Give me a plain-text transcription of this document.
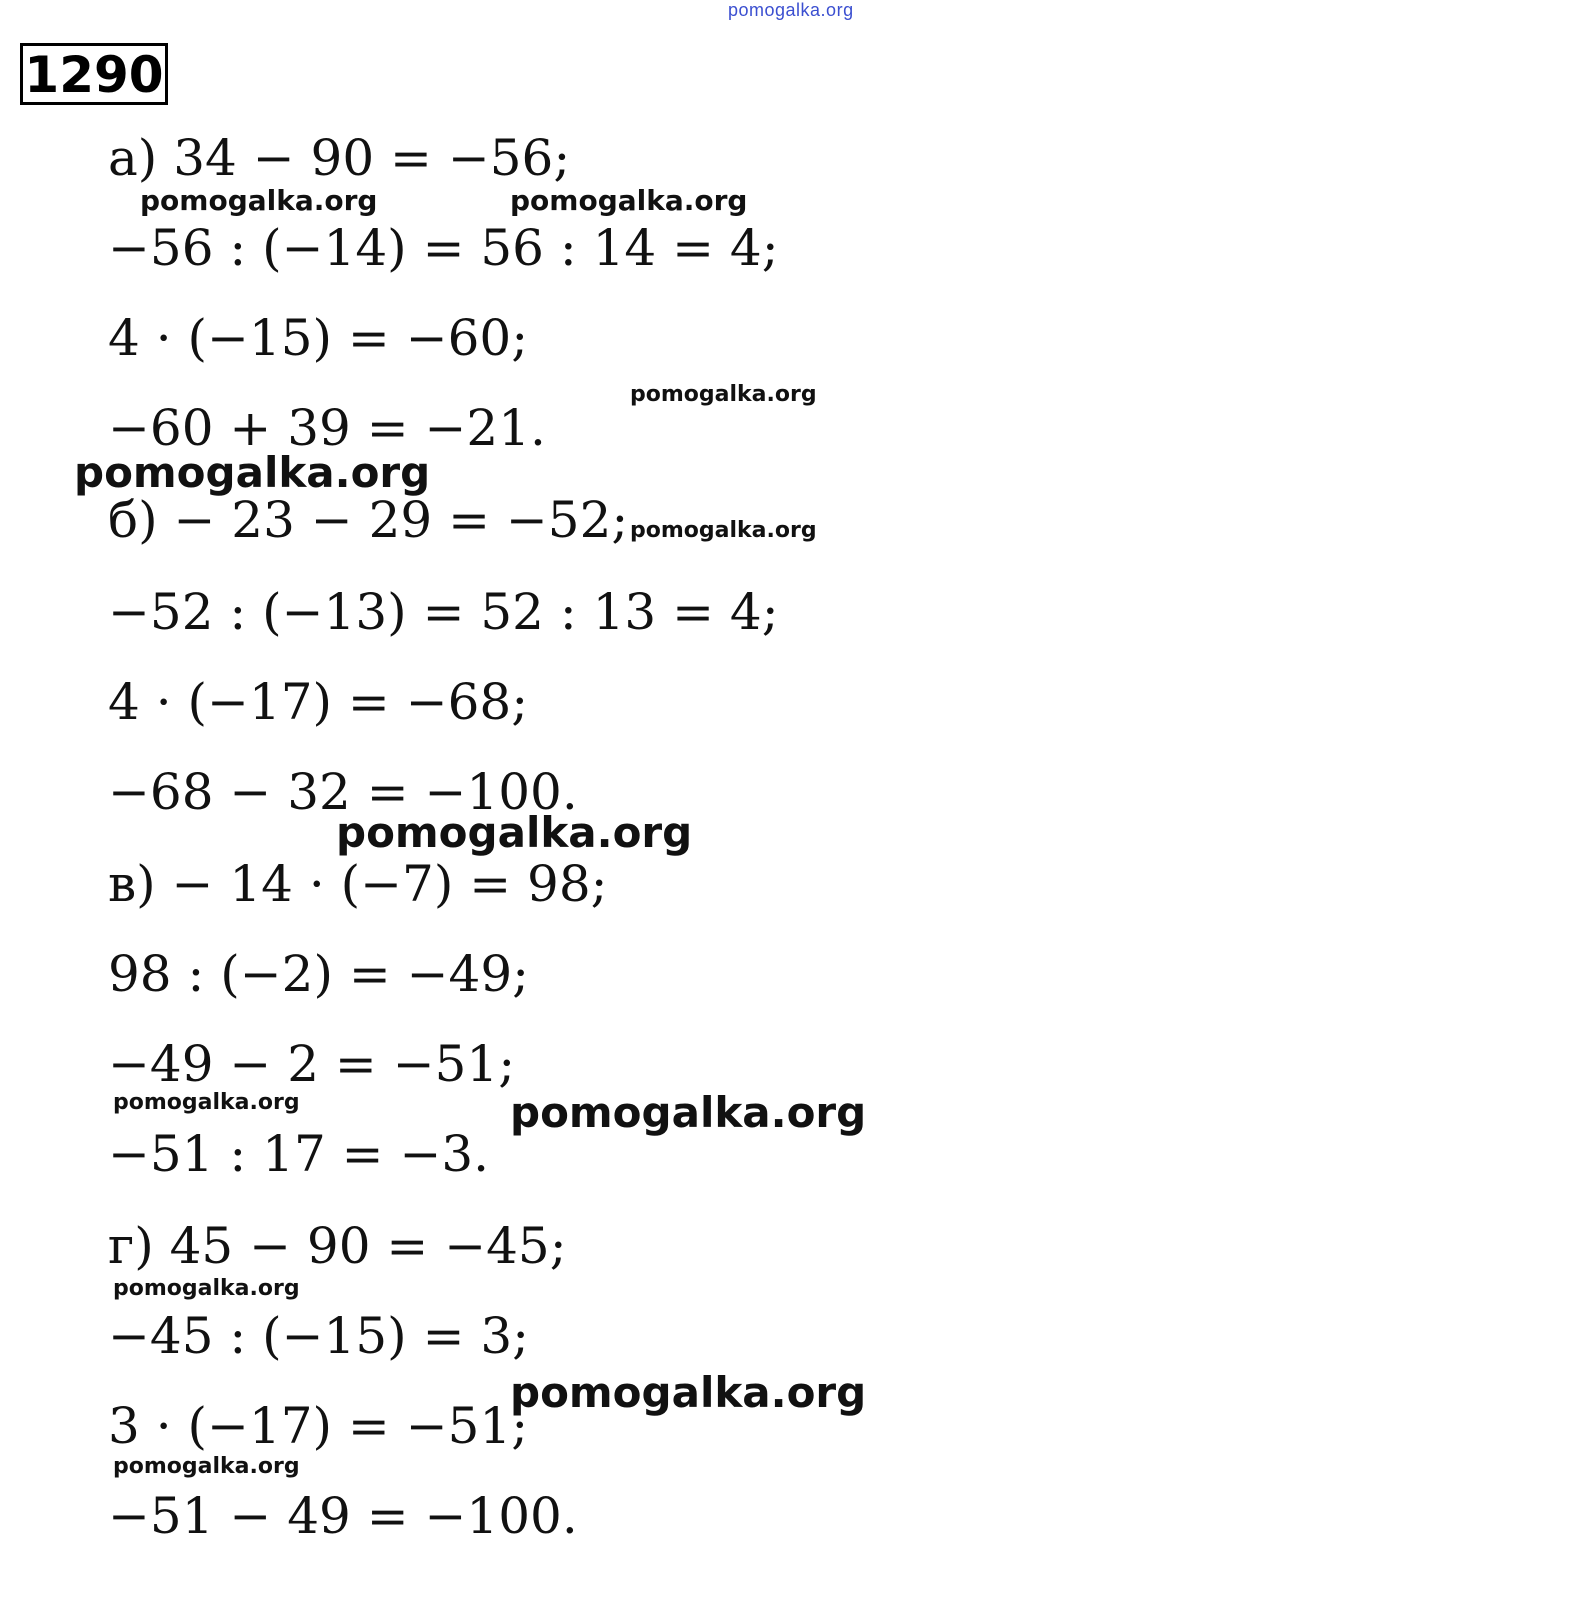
pomogalka.org
1290
а) 34 − 90 = −56;
−56 : (−14) = 56 : 14 = 4;
4 · (−15) = −60;
−60 + 39 = −21.
б) − 23 − 29 = −52;
−52 : (−13) = 52 : 13 = 4;
4 · (−17) = −68;
−68 − 32 = −100.
в) − 14 · (−7) = 98;
98 : (−2) = −49;
−49 − 2 = −51;
−51 : 17 = −3.
г) 45 − 90 = −45;
−45 : (−15) = 3;
3 · (−17) = −51;
−51 − 49 = −100.
pomogalka.org	pomogalka.org
pomogalka.org
pomogalka.org
pomogalka.org
pomogalka.org
pomogalka.org	pomogalka.org
pomogalka.org
pomogalka.org
pomogalka.org
